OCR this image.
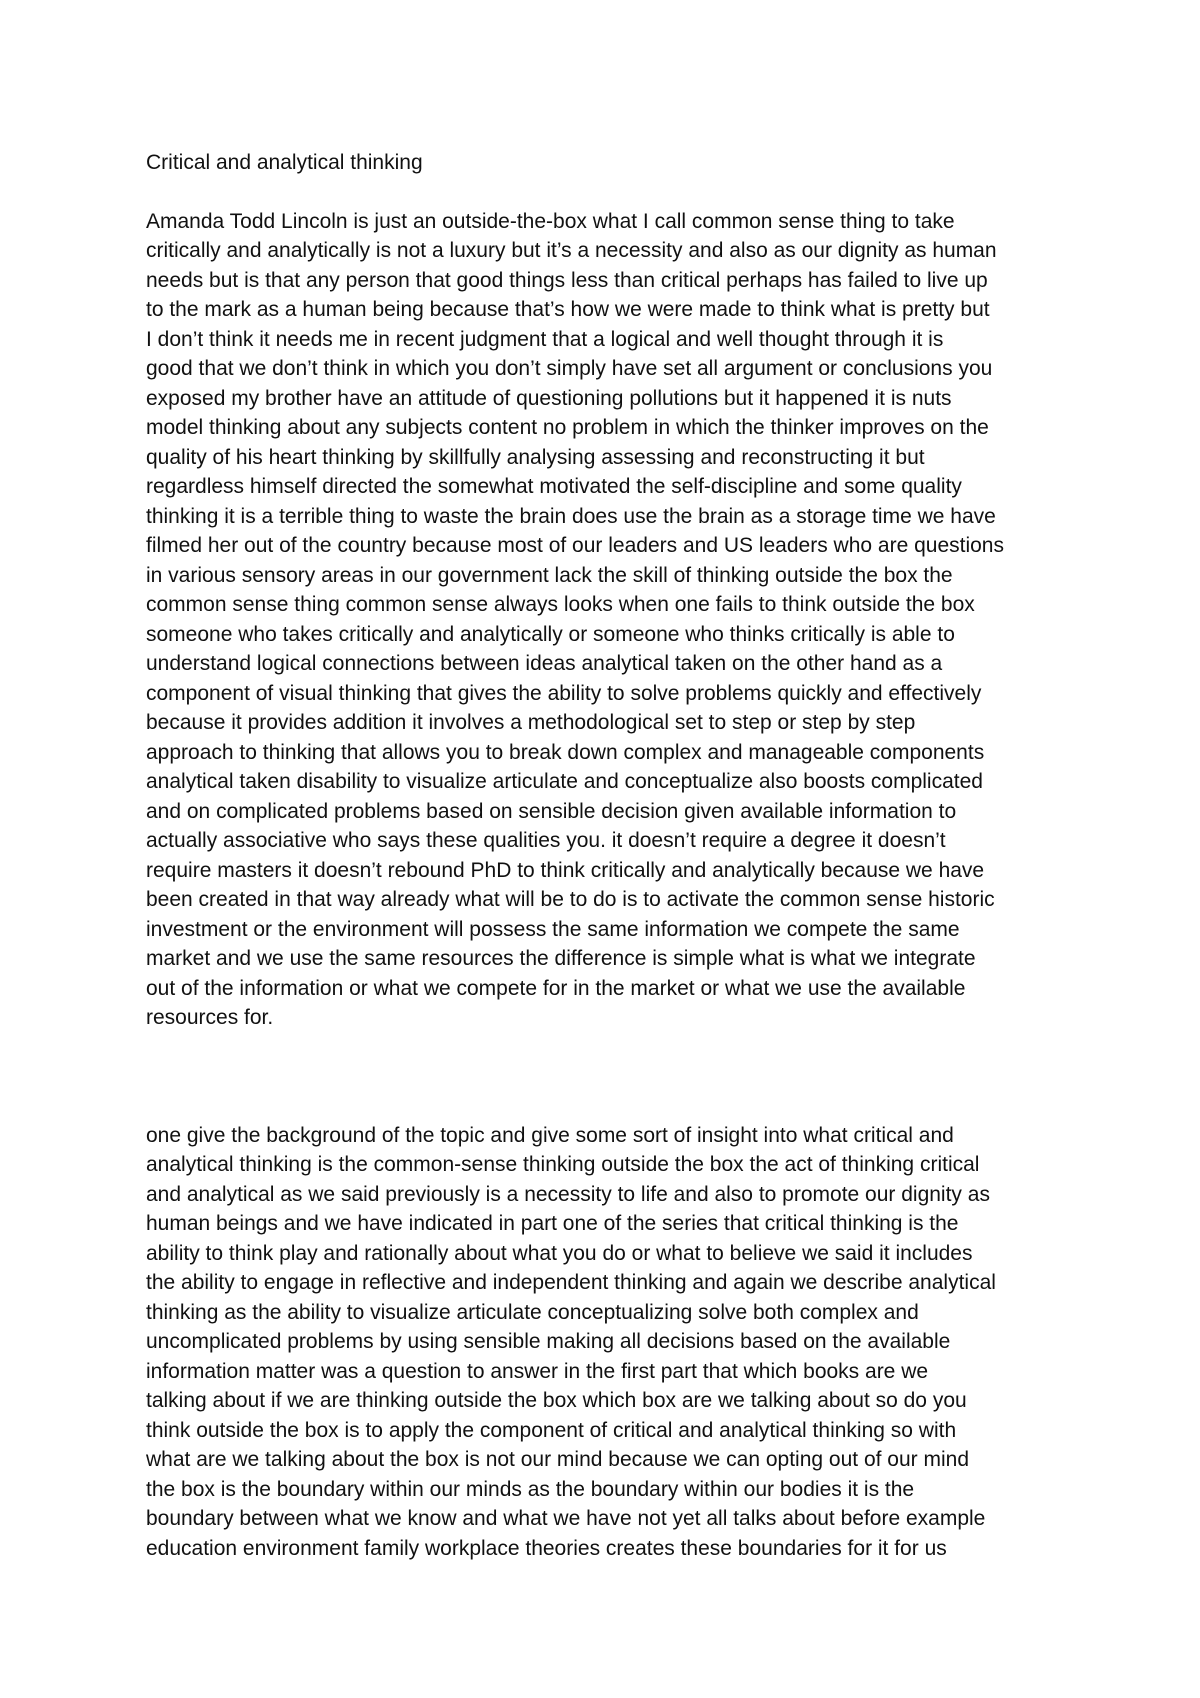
Critical and analytical thinking
Amanda Todd Lincoln is just an outside-the-box what I call common sense thing to take
critically and analytically is not a luxury but it’s a necessity and also as our dignity as human
needs but is that any person that good things less than critical perhaps has failed to live up
to the mark as a human being because that’s how we were made to think what is pretty but
I don’t think it needs me in recent judgment that a logical and well thought through it is
good that we don’t think in which you don’t simply have set all argument or conclusions you
exposed my brother have an attitude of questioning pollutions but it happened it is nuts
model thinking about any subjects content no problem in which the thinker improves on the
quality of his heart thinking by skillfully analysing assessing and reconstructing it but
regardless himself directed the somewhat motivated the self-discipline and some quality
thinking it is a terrible thing to waste the brain does use the brain as a storage time we have
filmed her out of the country because most of our leaders and US leaders who are questions
in various sensory areas in our government lack the skill of thinking outside the box the
common sense thing common sense always looks when one fails to think outside the box
someone who takes critically and analytically or someone who thinks critically is able to
understand logical connections between ideas analytical taken on the other hand as a
component of visual thinking that gives the ability to solve problems quickly and effectively
because it provides addition it involves a methodological set to step or step by step
approach to thinking that allows you to break down complex and manageable components
analytical taken disability to visualize articulate and conceptualize also boosts complicated
and on complicated problems based on sensible decision given available information to
actually associative who says these qualities you. it doesn’t require a degree it doesn’t
require masters it doesn’t rebound PhD to think critically and analytically because we have
been created in that way already what will be to do is to activate the common sense historic
investment or the environment will possess the same information we compete the same
market and we use the same resources the difference is simple what is what we integrate
out of the information or what we compete for in the market or what we use the available
resources for.
one give the background of the topic and give some sort of insight into what critical and
analytical thinking is the common-sense thinking outside the box the act of thinking critical
and analytical as we said previously is a necessity to life and also to promote our dignity as
human beings and we have indicated in part one of the series that critical thinking is the
ability to think play and rationally about what you do or what to believe we said it includes
the ability to engage in reflective and independent thinking and again we describe analytical
thinking as the ability to visualize articulate conceptualizing solve both complex and
uncomplicated problems by using sensible making all decisions based on the available
information matter was a question to answer in the first part that which books are we
talking about if we are thinking outside the box which box are we talking about so do you
think outside the box is to apply the component of critical and analytical thinking so with
what are we talking about the box is not our mind because we can opting out of our mind
the box is the boundary within our minds as the boundary within our bodies it is the
boundary between what we know and what we have not yet all talks about before example
education environment family workplace theories creates these boundaries for it for us
